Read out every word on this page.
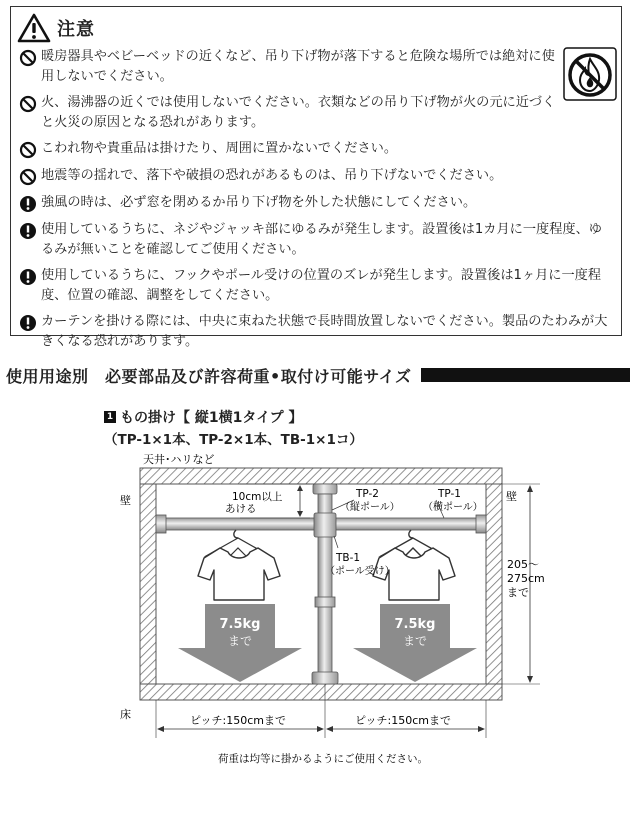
注意
暖房器具やベビーベッドの近くなど、吊り下げ物が落下すると危険な場所では絶対に使用しないでください。
火、湯沸器の近くでは使用しないでください。衣類などの吊り下げ物が火の元に近づくと火災の原因となる恐れがあります。
こわれ物や貴重品は掛けたり、周囲に置かないでください。
地震等の揺れで、落下や破損の恐れがあるものは、吊り下げないでください。
強風の時は、必ず窓を閉めるか吊り下げ物を外した状態にしてください。
使用しているうちに、ネジやジャッキ部にゆるみが発生します。設置後は1カ月に一度程度、ゆるみが無いことを確認してご使用ください。
使用しているうちに、フックやポール受けの位置のズレが発生します。設置後は1ヶ月に一度程度、位置の確認、調整をしてください。
カーテンを掛ける際には、中央に束ねた状態で長時間放置しないでください。製品のたわみが大きくなる恐れがあります。
使用用途別　必要部品及び許容荷重•取付け可能サイズ
1 もの掛け【 縦1横1タイプ 】
（TP-1×1本、TP-2×1本、TB-1×1コ）
天井･ハリなど
壁	壁
床
7.5kg
まで
7.5kg
まで
10cm以上
あける
TP-2
（縦ポール）
TP-1
（横ポール）
TB-1
（ポール受け）
205～
275cm
まで
ピッチ:150cmまで	ピッチ:150cmまで
荷重は均等に掛かるようにご使用ください。
